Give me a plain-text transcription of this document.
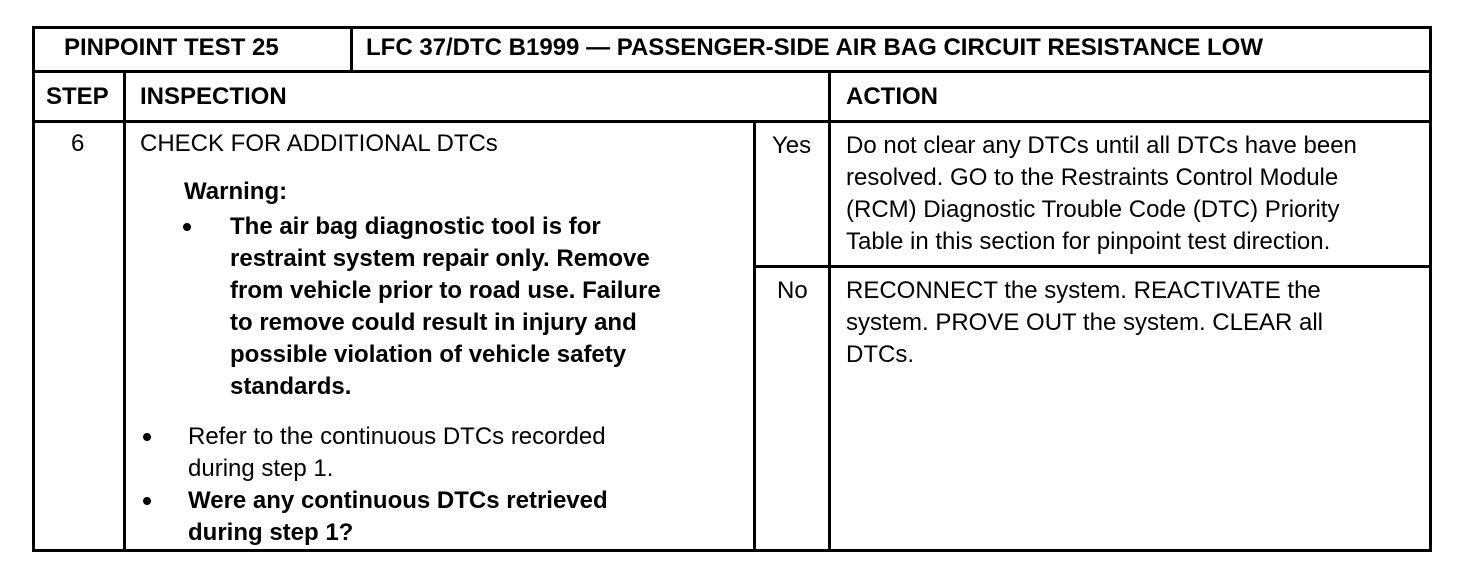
PINPOINT TEST 25	LFC 37/DTC B1999 — PASSENGER-SIDE AIR BAG CIRCUIT RESISTANCE LOW
STEP INSPECTION	ACTION
6 CHECK FOR ADDITIONAL DTCs
Warning:
The air bag diagnostic tool is for
restraint system repair only. Remove
from vehicle prior to road use. Failure
to remove could result in injury and
possible violation of vehicle safety
standards.
Refer to the continuous DTCs recorded
during step 1.
Were any continuous DTCs retrieved
during step 1?
Yes
No
Do not clear any DTCs until all DTCs have been
resolved. GO to the Restraints Control Module
(RCM) Diagnostic Trouble Code (DTC) Priority
Table in this section for pinpoint test direction.
RECONNECT the system. REACTIVATE the
system. PROVE OUT the system. CLEAR all
DTCs.
